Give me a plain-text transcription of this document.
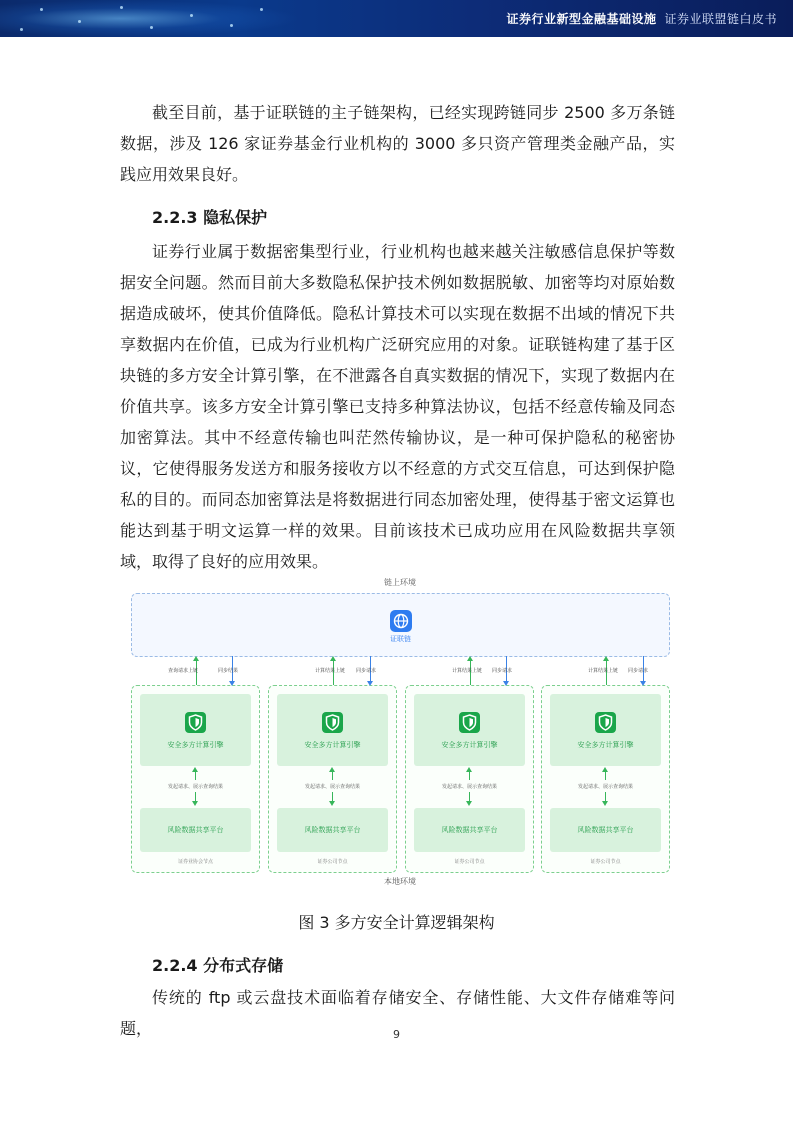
证券行业新型金融基础设施 证券业联盟链白皮书

截至目前，基于证联链的主子链架构，已经实现跨链同步 2500 多万条链数据，涉及 126 家证券基金行业机构的 3000 多只资产管理类金融产品，实践应用效果良好。

2.2.3 隐私保护

证券行业属于数据密集型行业，行业机构也越来越关注敏感信息保护等数据安全问题。然而目前大多数隐私保护技术例如数据脱敏、加密等均对原始数据造成破坏，使其价值降低。隐私计算技术可以实现在数据不出域的情况下共享数据内在价值，已成为行业机构广泛研究应用的对象。证联链构建了基于区块链的多方安全计算引擎，在不泄露各自真实数据的情况下，实现了数据内在价值共享。该多方安全计算引擎已支持多种算法协议，包括不经意传输及同态加密算法。其中不经意传输也叫茫然传输协议，是一种可保护隐私的秘密协议，它使得服务发送方和服务接收方以不经意的方式交互信息，可达到保护隐私的目的。而同态加密算法是将数据进行同态加密处理，使得基于密文运算也能达到基于明文运算一样的效果。目前该技术已成功应用在风险数据共享领域，取得了良好的应用效果。

链上环境
证联链
安全多方计算引擎
发起请求、展示查询结果
风险数据共享平台
证券业协会节点
安全多方计算引擎
发起请求、展示查询结果
风险数据共享平台
证券公司节点
安全多方计算引擎
发起请求、展示查询结果
风险数据共享平台
证券公司节点
安全多方计算引擎
发起请求、展示查询结果
风险数据共享平台
证券公司节点
查询请求上链	同步结果	计算结果上链 同步请求	计算结果上链 同步请求	计算结果上链 同步请求
本地环境
图 3 多方安全计算逻辑架构
2.2.4 分布式存储

传统的 ftp 或云盘技术面临着存储安全、存储性能、大文件存储难等问题，	9
